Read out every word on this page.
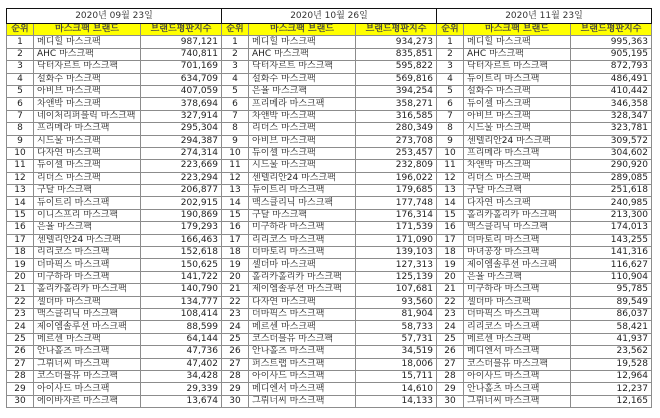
2020년 09월 23일		
순위	마스크팩 브랜드	브랜드평판지수
1	메디힐 마스크팩	987,121
2	AHC 마스크팩	740,811
3	닥터자르트 마스크팩	701,169
4	설화수 마스크팩	634,709
5	아비브 마스크팩	407,059
6	차앤박 마스크팩	378,694
7	네이처리퍼블릭 마스크팩	327,914
8	프리메라 마스크팩	295,304
9	시드물 마스크팩	294,387
10	다자연 마스크팩	274,314
11	듀이셀 마스크팩	223,669
12	리더스 마스크팩	223,294
13	구달 마스크팩	206,877
14	듀이트리 마스크팩	202,915
15	이니스프리 마스크팩	190,869
16	은율 마스크팩	179,293
17	센텔리안24 마스크팩	166,463
18	리리코스 마스크팩	152,618
19	더마픽스 마스크팩	150,625
20	미구하라 마스크팩	141,722
21	홀리카홀리카 마스크팩	140,790
22	셀더마 마스크팩	134,777
23	맥스클리닉 마스크팩	108,414
24	제이엠솔루션 마스크팩	88,599
25	메르센 마스크팩	64,144
26	안나홀츠 마스크팩	47,736
27	그뤼너씨 마스크팩	47,402
28	코스더블유 마스크팩	34,428
29	아이사드 마스크팩	29,339
30	에이바자르 마스크팩	13,674
2020년 10월 26일		
순위	마스크팩 브랜드	브랜드평판지수
1	메디힐 마스크팩	934,273
2	AHC 마스크팩	835,851
3	닥터자르트 마스크팩	595,822
4	설화수 마스크팩	569,816
5	은율 마스크팩	394,254
6	프리메라 마스크팩	358,271
7	차앤박 마스크팩	316,585
8	리더스 마스크팩	280,349
9	아비브 마스크팩	273,708
10	듀이셀 마스크팩	253,457
11	시드물 마스크팩	232,809
12	센텔리안24 마스크팩	196,022
13	듀이트리 마스크팩	179,685
14	맥스클리닉 마스크팩	177,748
15	구달 마스크팩	176,314
16	미구하라 마스크팩	171,539
17	리리코스 마스크팩	171,090
18	더마토리 마스크팩	139,103
19	셀더마 마스크팩	127,313
20	홀리카홀리카 마스크팩	125,139
21	제이엠솔루션 마스크팩	107,681
22	다자연 마스크팩	93,560
23	더마픽스 마스크팩	81,904
24	메르센 마스크팩	58,733
25	코스더블유 마스크팩	57,731
26	안나홀츠 마스크팩	34,519
27	퍼스트랩 마스크팩	18,006
28	아이사드 마스크팩	15,711
29	메디엔서 마스크팩	14,610
30	그뤼너씨 마스크팩	14,133
2020년 11월 23일		
순위	마스크팩 브랜드	브랜드평판지수
1	메디힐 마스크팩	995,363
2	AHC 마스크팩	905,195
3	닥터자르트 마스크팩	872,793
4	듀이트리 마스크팩	486,491
5	설화수 마스크팩	410,442
6	듀이셀 마스크팩	346,358
7	아비브 마스크팩	328,347
8	시드물 마스크팩	323,781
9	센텔리안24 마스크팩	309,572
10	프리메라 마스크팩	304,602
11	차앤박 마스크팩	290,920
12	리더스 마스크팩	289,085
13	구달 마스크팩	251,618
14	다자연 마스크팩	240,985
15	홀리카홀리카 마스크팩	213,300
16	맥스클리닉 마스크팩	174,013
17	더마토리 마스크팩	143,255
18	마녀공장 마스크팩	141,316
19	제이엠솔루션 마스크팩	116,627
20	은율 마스크팩	110,904
21	미구하라 마스크팩	95,785
22	셀더마 마스크팩	89,549
23	더마픽스 마스크팩	86,037
24	리리코스 마스크팩	58,421
25	메르센 마스크팩	41,937
26	메디엔서 마스크팩	23,562
27	코스더블유 마스크팩	19,528
28	아이사드 마스크팩	12,964
29	안나홀츠 마스크팩	12,237
30	그뤼너씨 마스크팩	12,165
